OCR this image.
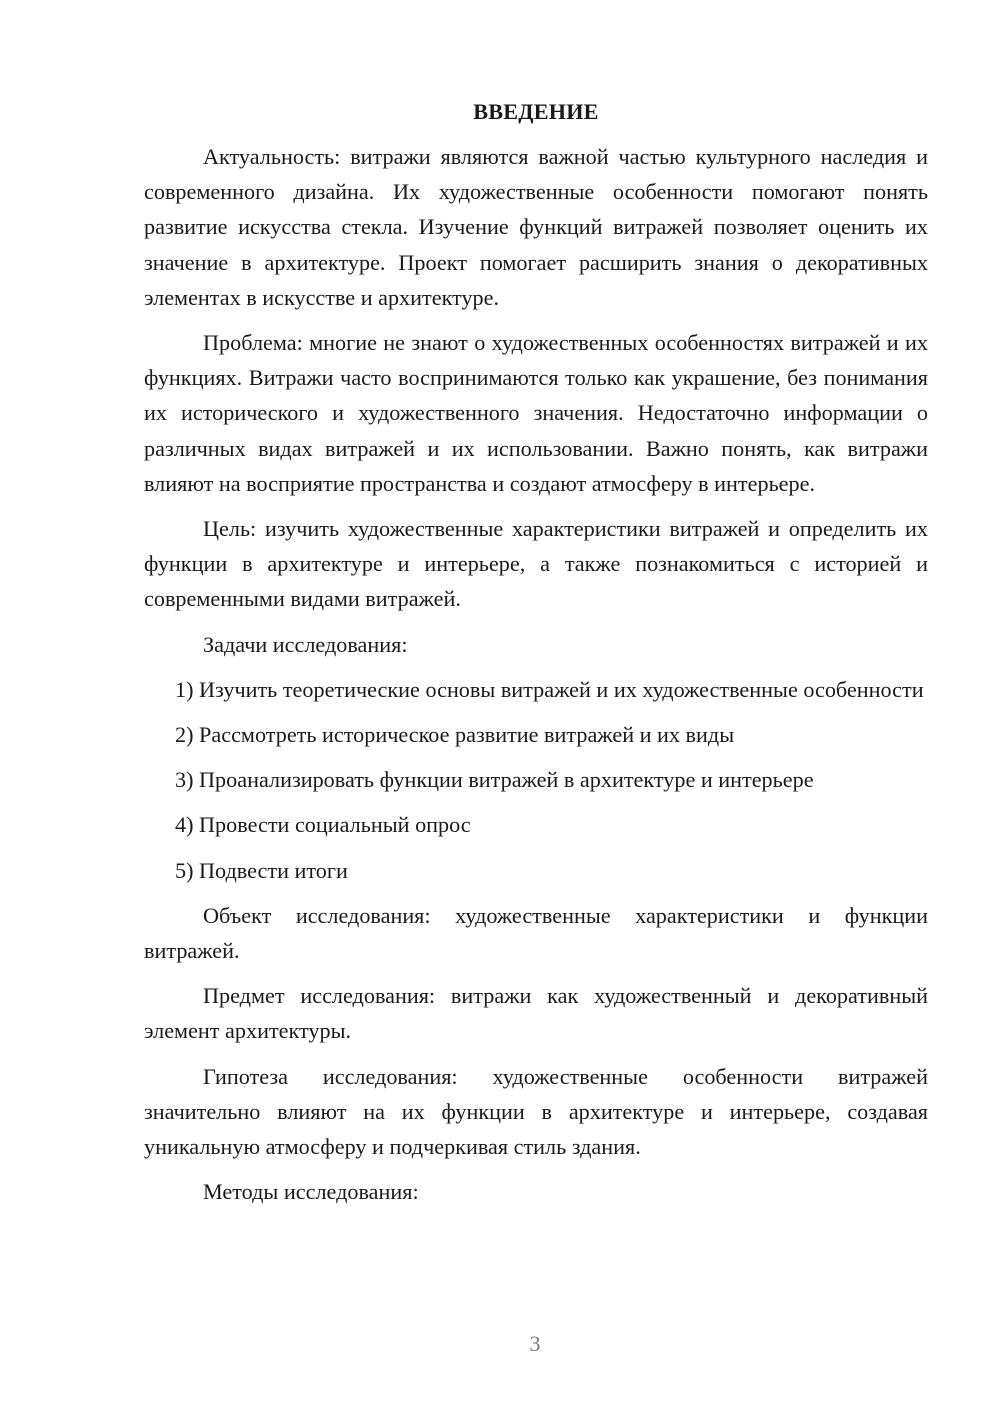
ВВЕДЕНИЕ
Актуальность: витражи являются важной частью культурного наследия и современного дизайна. Их художественные особенности помогают понять развитие искусства стекла. Изучение функций витражей позволяет оценить их значение в архитектуре. Проект помогает расширить знания о декоративных элементах в искусстве и архитектуре.
Проблема: многие не знают о художественных особенностях витражей и их функциях. Витражи часто воспринимаются только как украшение, без понимания их исторического и художественного значения. Недостаточно информации о различных видах витражей и их использовании. Важно понять, как витражи влияют на восприятие пространства и создают атмосферу в интерьере.
Цель: изучить художественные характеристики витражей и определить их функции в архитектуре и интерьере, а также познакомиться с историей и современными видами витражей.
Задачи исследования:
1) Изучить теоретические основы витражей и их художественные особенности
2) Рассмотреть историческое развитие витражей и их виды
3) Проанализировать функции витражей в архитектуре и интерьере
4) Провести социальный опрос
5) Подвести итоги
Объект исследования: художественные характеристики и функции витражей.
Предмет исследования: витражи как художественный и декоративный элемент архитектуры.
Гипотеза исследования: художественные особенности витражей значительно влияют на их функции в архитектуре и интерьере, создавая уникальную атмосферу и подчеркивая стиль здания.
Методы исследования:
3
